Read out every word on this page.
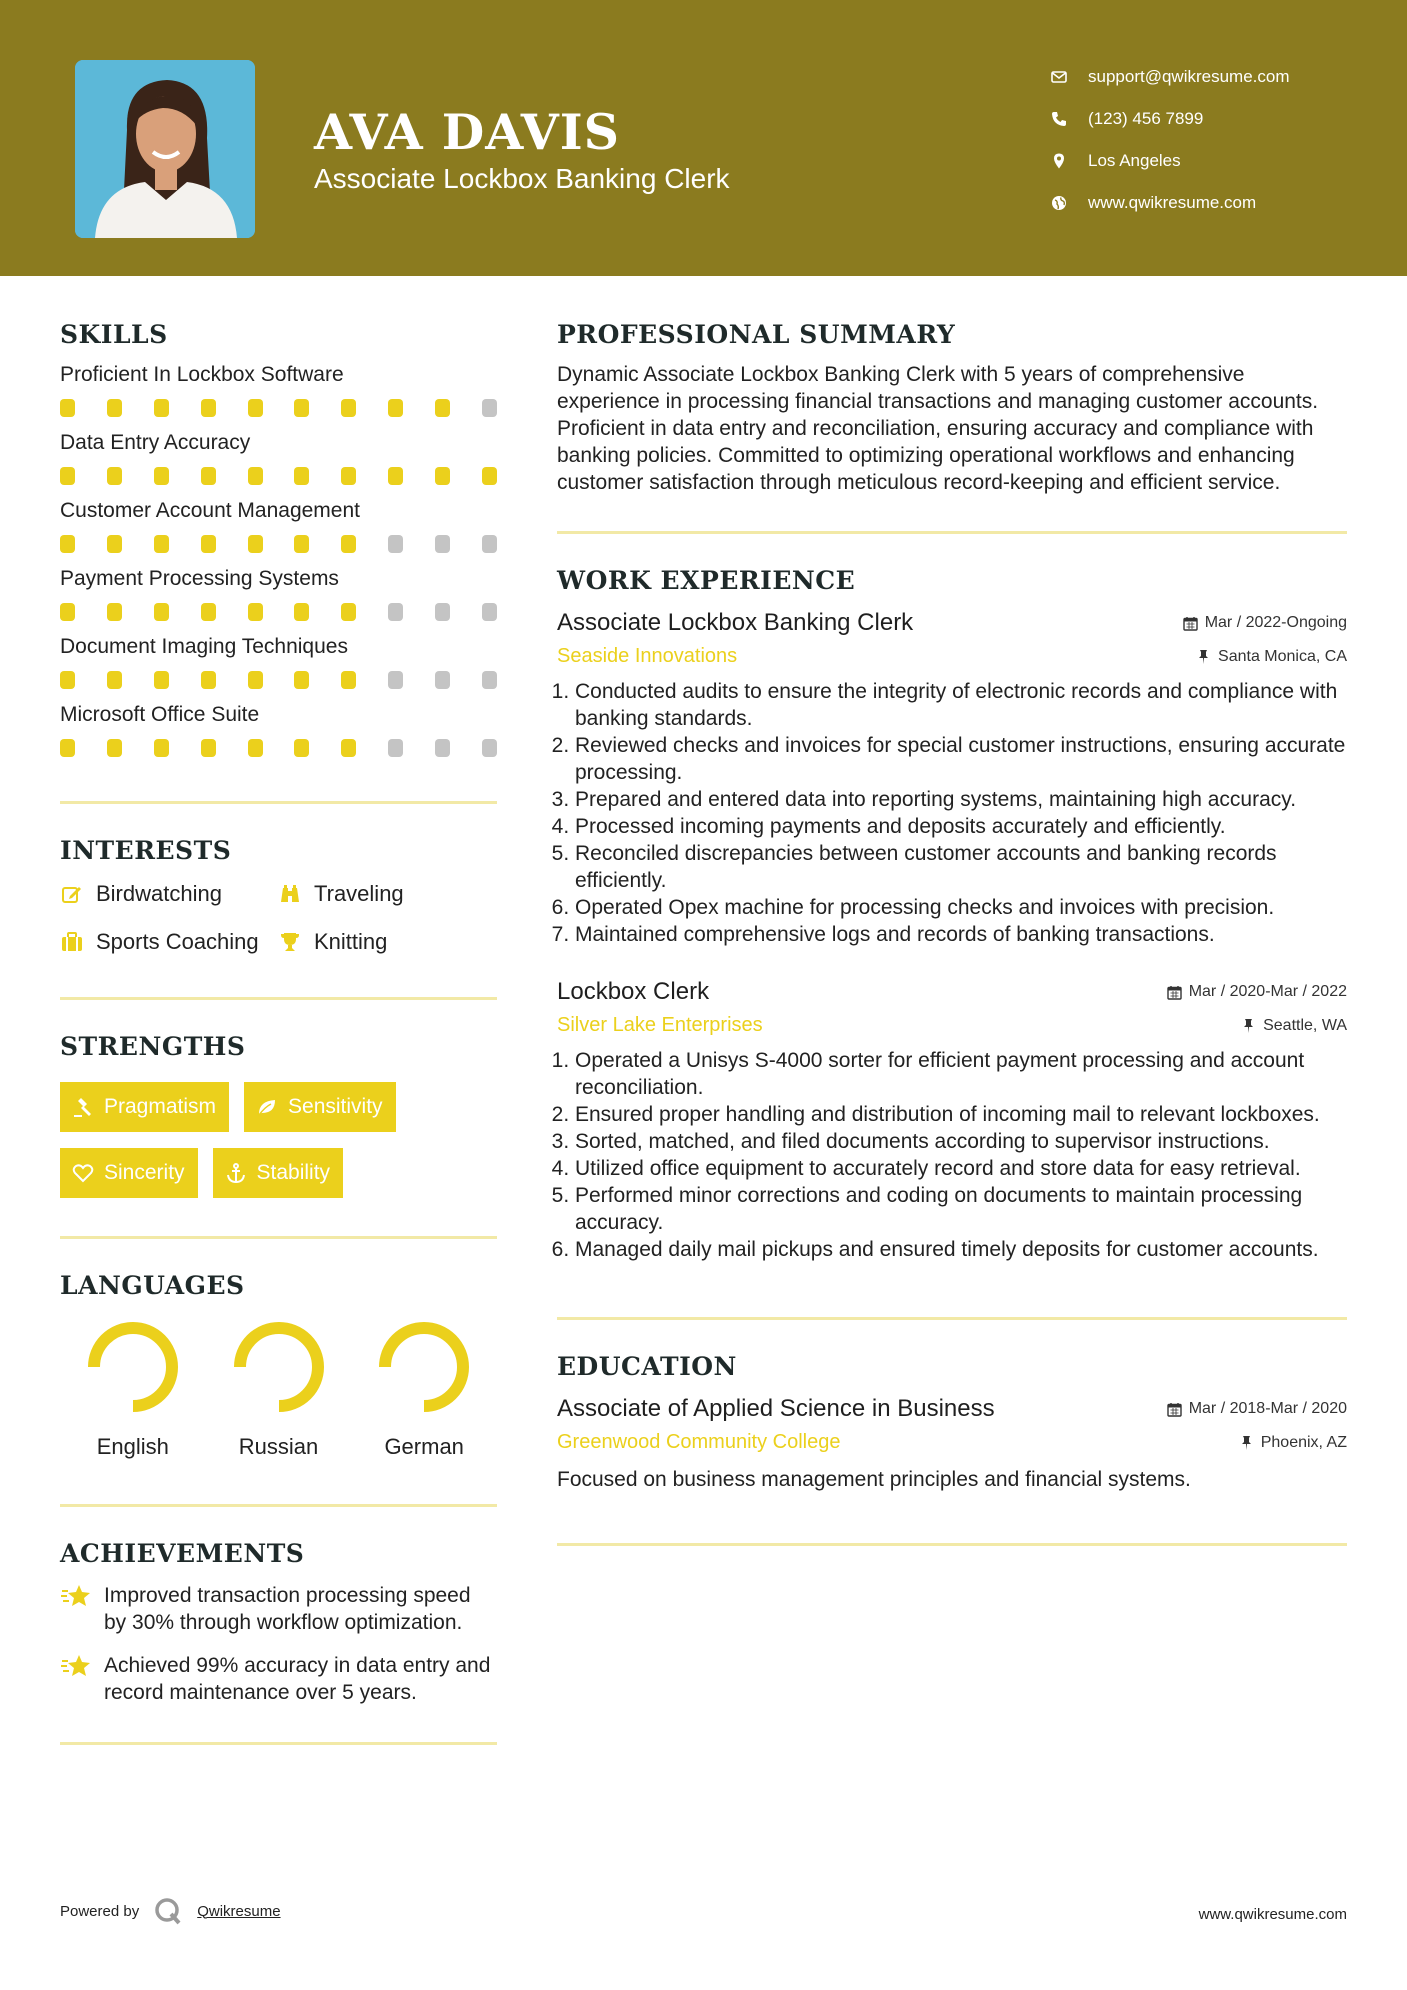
AVA DAVIS
Associate Lockbox Banking Clerk
support@qwikresume.com
(123) 456 7899
Los Angeles
www.qwikresume.com
SKILLS
Proficient In Lockbox Software
Data Entry Accuracy
Customer Account Management
Payment Processing Systems
Document Imaging Techniques
Microsoft Office Suite
INTERESTS
Birdwatching	Traveling
Sports Coaching	Knitting
STRENGTHS
Pragmatism	Sensitivity
Sincerity	Stability
LANGUAGES
English	Russian	German
ACHIEVEMENTS
Improved transaction processing speed by 30% through workflow optimization.
Achieved 99% accuracy in data entry and record maintenance over 5 years.
PROFESSIONAL SUMMARY

Dynamic Associate Lockbox Banking Clerk with 5 years of comprehensive experience in processing financial transactions and managing customer accounts. Proficient in data entry and reconciliation, ensuring accuracy and compliance with banking policies. Committed to optimizing operational workflows and enhancing customer satisfaction through meticulous record-keeping and efficient service.

WORK EXPERIENCE
Associate Lockbox Banking Clerk	Mar / 2022-Ongoing
Seaside Innovations	Santa Monica, CA
1. Conducted audits to ensure the integrity of electronic records and compliance with banking standards.
2. Reviewed checks and invoices for special customer instructions, ensuring accurate processing.
3. Prepared and entered data into reporting systems, maintaining high accuracy.
4. Processed incoming payments and deposits accurately and efficiently.
5. Reconciled discrepancies between customer accounts and banking records efficiently.
6. Operated Opex machine for processing checks and invoices with precision.
7. Maintained comprehensive logs and records of banking transactions.
Lockbox Clerk	Mar / 2020-Mar / 2022
Silver Lake Enterprises	Seattle, WA
1. Operated a Unisys S-4000 sorter for efficient payment processing and account reconciliation.
2. Ensured proper handling and distribution of incoming mail to relevant lockboxes.
3. Sorted, matched, and filed documents according to supervisor instructions.
4. Utilized office equipment to accurately record and store data for easy retrieval.
5. Performed minor corrections and coding on documents to maintain processing accuracy.
6. Managed daily mail pickups and ensured timely deposits for customer accounts.
EDUCATION
Associate of Applied Science in Business	Mar / 2018-Mar / 2020
Greenwood Community College	Phoenix, AZ

Focused on business management principles and financial systems.

Powered by	Qwikresume	www.qwikresume.com
